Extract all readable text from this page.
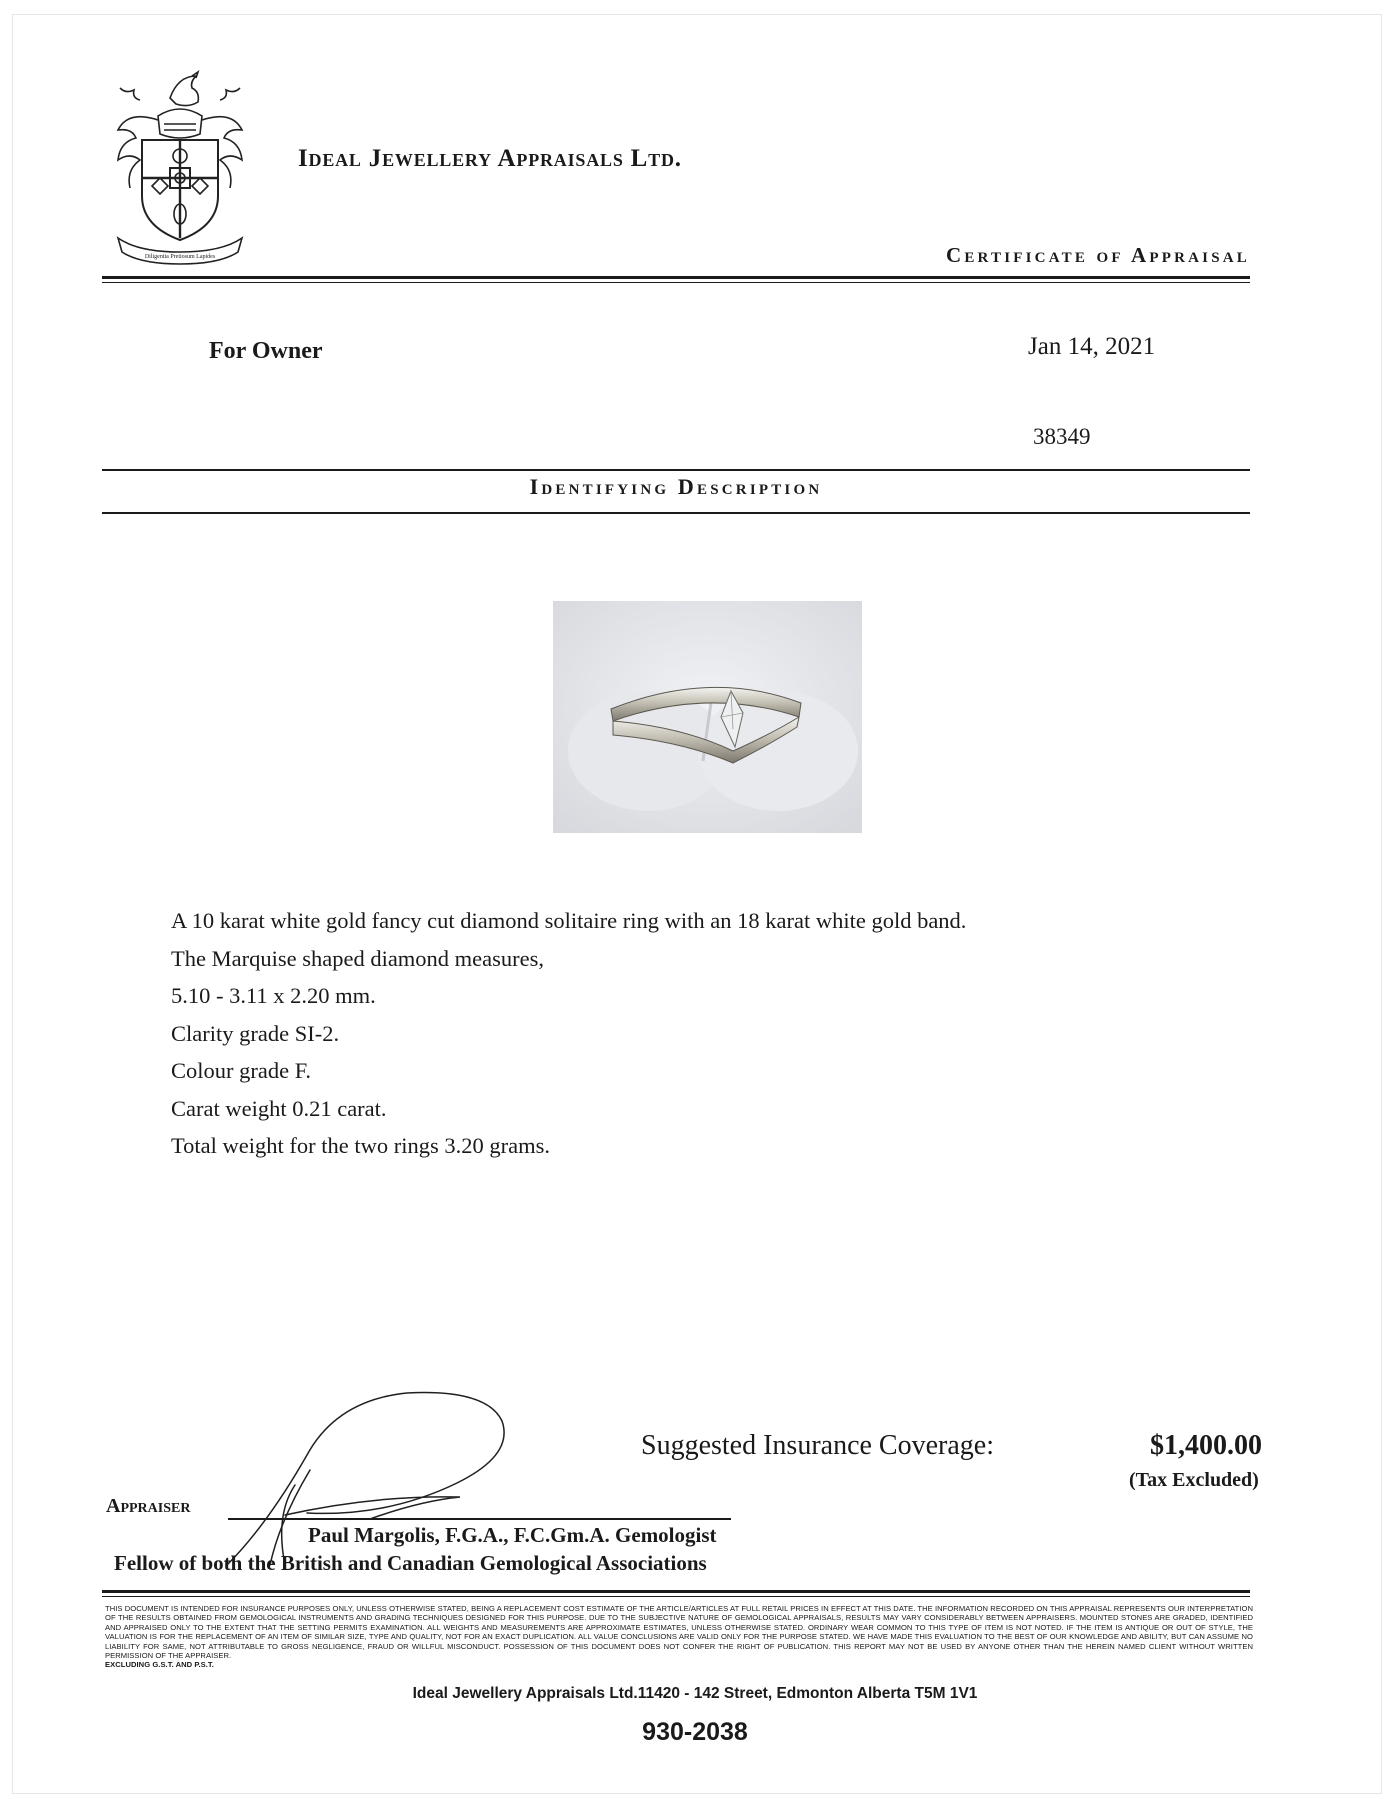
Diligentia Pretiosum Lapides
Ideal Jewellery Appraisals Ltd.
Certificate of Appraisal
For Owner	Jan 14, 2021
38349
Identifying Description
A 10 karat white gold fancy cut diamond solitaire ring with an 18 karat white gold band.
The Marquise shaped diamond measures,
5.10 - 3.11 x 2.20 mm.
Clarity grade SI-2.
Colour grade F.
Carat weight 0.21 carat.
Total weight for the two rings 3.20 grams.
Suggested Insurance Coverage:	$1,400.00
(Tax Excluded)
Appraiser
Paul Margolis, F.G.A., F.C.Gm.A. Gemologist
Fellow of both the British and Canadian Gemological Associations
THIS DOCUMENT IS INTENDED FOR INSURANCE PURPOSES ONLY, UNLESS OTHERWISE STATED, BEING A REPLACEMENT COST ESTIMATE OF THE ARTICLE/ARTICLES AT FULL RETAIL PRICES IN EFFECT AT THIS DATE. THE INFORMATION RECORDED ON THIS APPRAISAL REPRESENTS OUR INTERPRETATION OF THE RESULTS OBTAINED FROM GEMOLOGICAL INSTRUMENTS AND GRADING TECHNIQUES DESIGNED FOR THIS PURPOSE. DUE TO THE SUBJECTIVE NATURE OF GEMOLOGICAL APPRAISALS, RESULTS MAY VARY CONSIDERABLY BETWEEN APPRAISERS. MOUNTED STONES ARE GRADED, IDENTIFIED AND APPRAISED ONLY TO THE EXTENT THAT THE SETTING PERMITS EXAMINATION. ALL WEIGHTS AND MEASUREMENTS ARE APPROXIMATE ESTIMATES, UNLESS OTHERWISE STATED. ORDINARY WEAR COMMON TO THIS TYPE OF ITEM IS NOT NOTED. IF THE ITEM IS ANTIQUE OR OUT OF STYLE, THE VALUATION IS FOR THE REPLACEMENT OF AN ITEM OF SIMILAR SIZE, TYPE AND QUALITY, NOT FOR AN EXACT DUPLICATION. ALL VALUE CONCLUSIONS ARE VALID ONLY FOR THE PURPOSE STATED. WE HAVE MADE THIS EVALUATION TO THE BEST OF OUR KNOWLEDGE AND ABILITY, BUT CAN ASSUME NO LIABILITY FOR SAME, NOT ATTRIBUTABLE TO GROSS NEGLIGENCE, FRAUD OR WILLFUL MISCONDUCT. POSSESSION OF THIS DOCUMENT DOES NOT CONFER THE RIGHT OF PUBLICATION. THIS REPORT MAY NOT BE USED BY ANYONE OTHER THAN THE HEREIN NAMED CLIENT WITHOUT WRITTEN PERMISSION OF THE APPRAISER.
EXCLUDING G.S.T. AND P.S.T.
Ideal Jewellery Appraisals Ltd.11420 - 142 Street, Edmonton Alberta T5M 1V1
930-2038
